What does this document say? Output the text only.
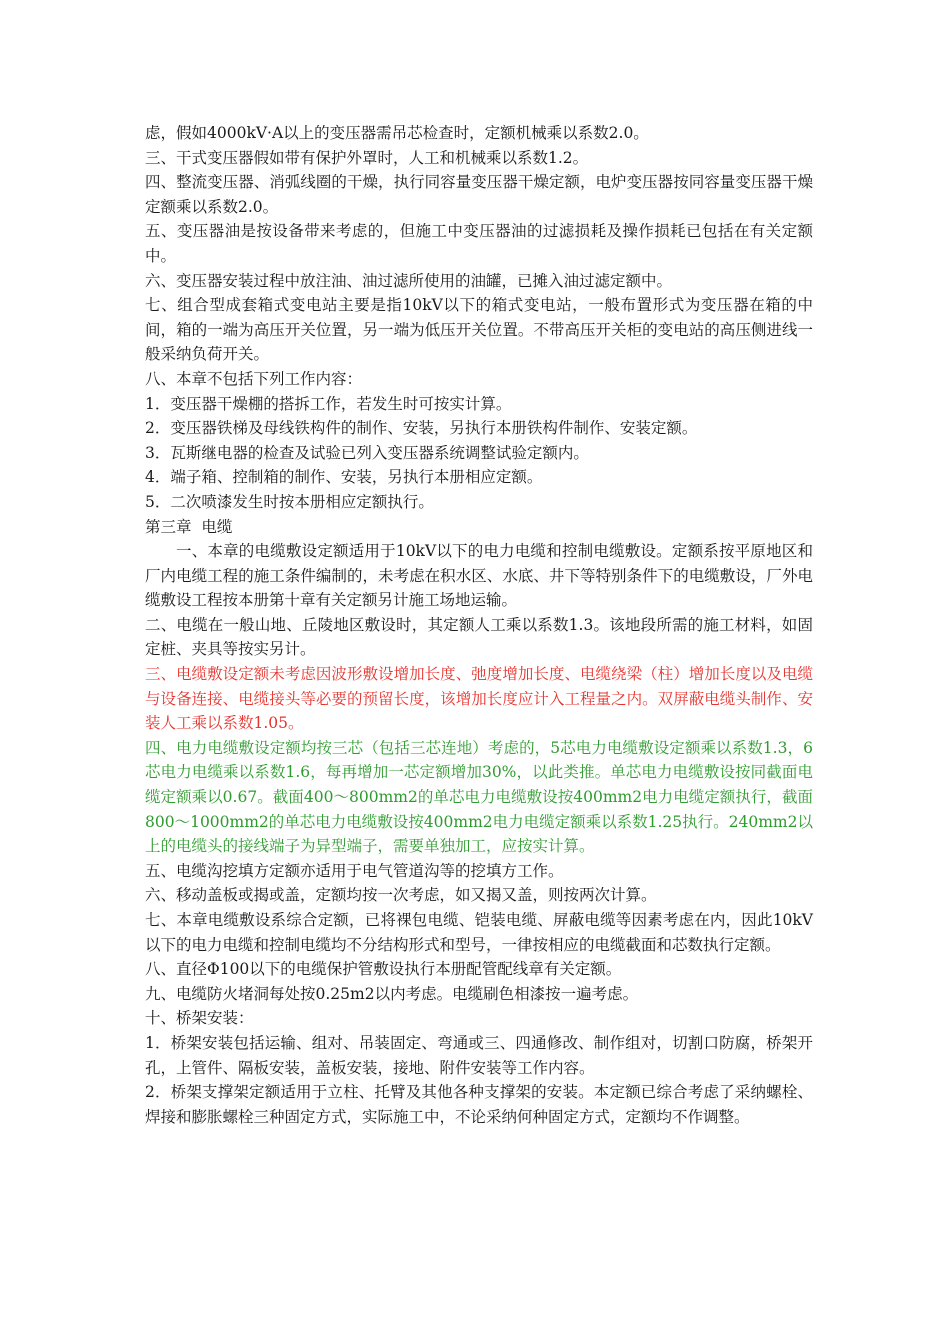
虑，假如4000kV·A以上的变压器需吊芯检查时，定额机械乘以系数2.0。

三、干式变压器假如带有保护外罩时，人工和机械乘以系数1.2。

四、整流变压器、消弧线圈的干燥，执行同容量变压器干燥定额，电炉变压器按同容量变压器干燥定额乘以系数2.0。

五、变压器油是按设备带来考虑的，但施工中变压器油的过滤损耗及操作损耗已包括在有关定额中。

六、变压器安装过程中放注油、油过滤所使用的油罐，已摊入油过滤定额中。

七、组合型成套箱式变电站主要是指10kV以下的箱式变电站，一般布置形式为变压器在箱的中间，箱的一端为高压开关位置，另一端为低压开关位置。不带高压开关柜的变电站的高压侧进线一般采纳负荷开关。

八、本章不包括下列工作内容：

1．变压器干燥棚的搭拆工作，若发生时可按实计算。

2．变压器铁梯及母线铁构件的制作、安装，另执行本册铁构件制作、安装定额。

3．瓦斯继电器的检查及试验已列入变压器系统调整试验定额内。

4．端子箱、控制箱的制作、安装，另执行本册相应定额。

5．二次喷漆发生时按本册相应定额执行。

第三章  电缆

一、本章的电缆敷设定额适用于10kV以下的电力电缆和控制电缆敷设。定额系按平原地区和厂内电缆工程的施工条件编制的，未考虑在积水区、水底、井下等特别条件下的电缆敷设，厂外电缆敷设工程按本册第十章有关定额另计施工场地运输。

二、电缆在一般山地、丘陵地区敷设时，其定额人工乘以系数1.3。该地段所需的施工材料，如固定桩、夹具等按实另计。

三、电缆敷设定额未考虑因波形敷设增加长度、弛度增加长度、电缆绕梁（柱）增加长度以及电缆与设备连接、电缆接头等必要的预留长度，该增加长度应计入工程量之内。双屏蔽电缆头制作、安装人工乘以系数1.05。

四、电力电缆敷设定额均按三芯（包括三芯连地）考虑的，5芯电力电缆敷设定额乘以系数1.3，6芯电力电缆乘以系数1.6，每再增加一芯定额增加30%，以此类推。单芯电力电缆敷设按同截面电缆定额乘以0.67。截面400～800mm2的单芯电力电缆敷设按400mm2电力电缆定额执行，截面800～1000mm2的单芯电力电缆敷设按400mm2电力电缆定额乘以系数1.25执行。240mm2以上的电缆头的接线端子为异型端子，需要单独加工，应按实计算。

五、电缆沟挖填方定额亦适用于电气管道沟等的挖填方工作。

六、移动盖板或揭或盖，定额均按一次考虑，如又揭又盖，则按两次计算。

七、本章电缆敷设系综合定额，已将裸包电缆、铠装电缆、屏蔽电缆等因素考虑在内，因此10kV以下的电力电缆和控制电缆均不分结构形式和型号，一律按相应的电缆截面和芯数执行定额。

八、直径Φ100以下的电缆保护管敷设执行本册配管配线章有关定额。

九、电缆防火堵洞每处按0.25m2以内考虑。电缆刷色相漆按一遍考虑。

十、桥架安装：

1．桥架安装包括运输、组对、吊装固定、弯通或三、四通修改、制作组对，切割口防腐，桥架开孔，上管件、隔板安装，盖板安装，接地、附件安装等工作内容。

2．桥架支撑架定额适用于立柱、托臂及其他各种支撑架的安装。本定额已综合考虑了采纳螺栓、焊接和膨胀螺栓三种固定方式，实际施工中，不论采纳何种固定方式，定额均不作调整。
